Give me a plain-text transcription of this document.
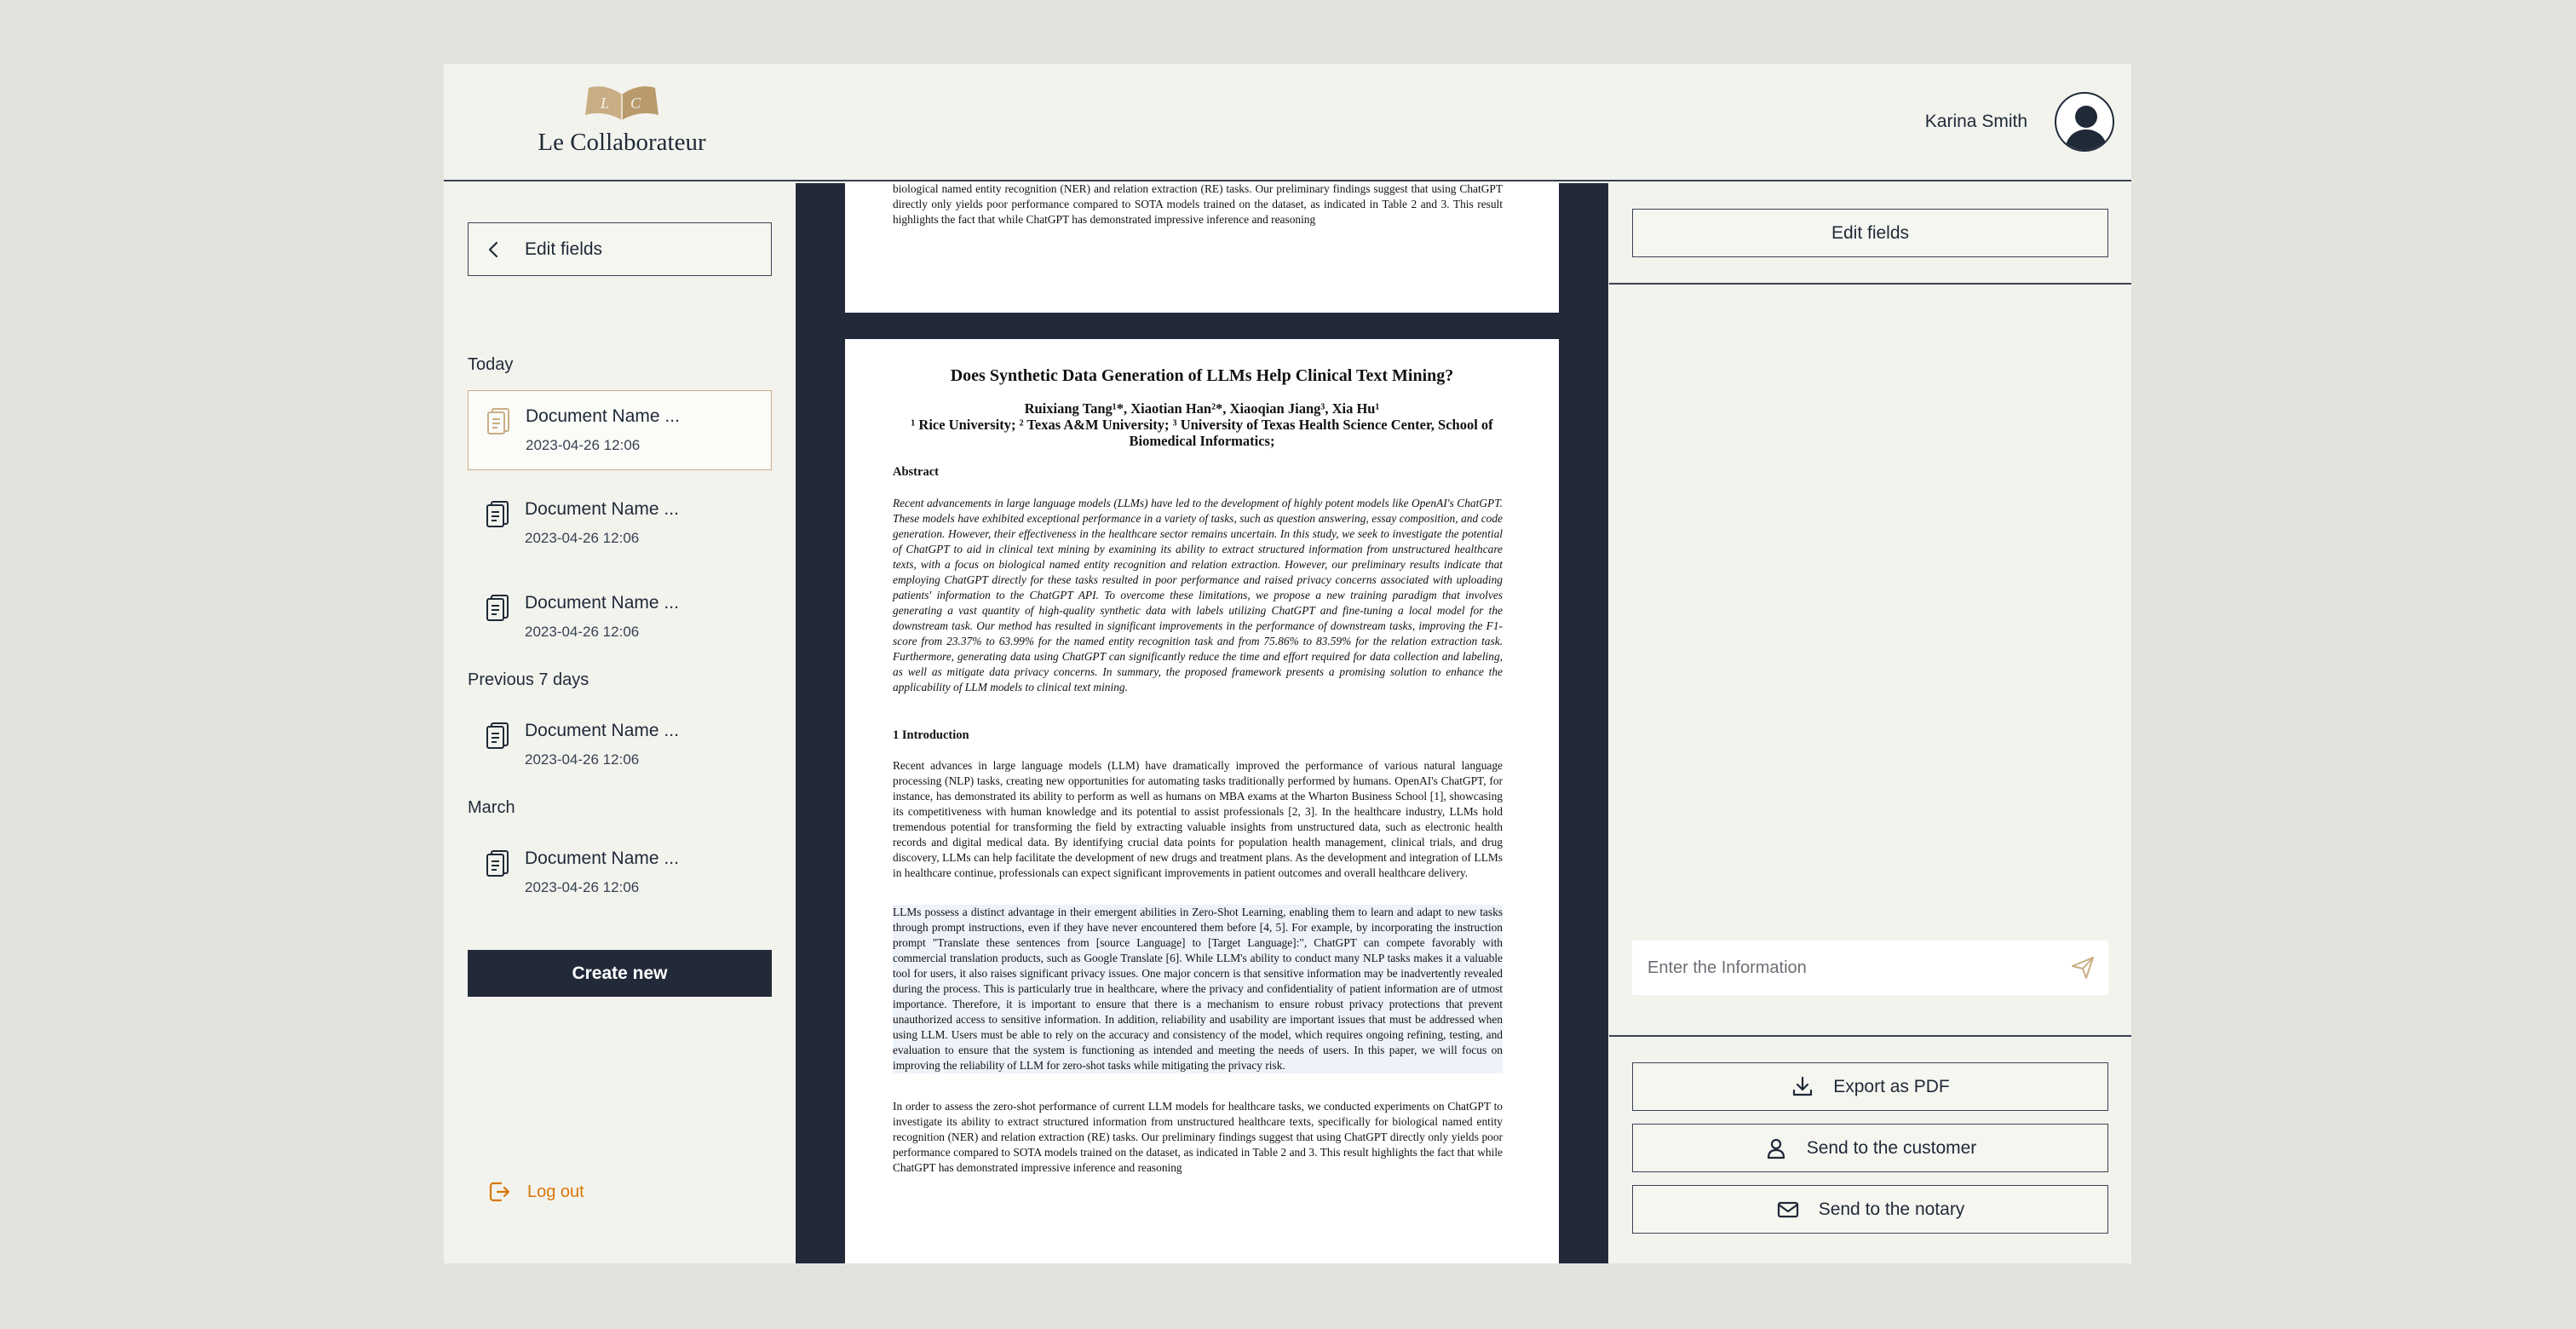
L C
Le Collaborateur
Karina Smith
Edit fields
Today
Document Name ...
2023-04-26 12:06
Document Name ...
2023-04-26 12:06
Document Name ...
2023-04-26 12:06
Previous 7 days
Document Name ...
2023-04-26 12:06
March
Document Name ...
2023-04-26 12:06
Create new
Log out
biological named entity recognition (NER) and relation extraction (RE) tasks. Our preliminary findings suggest that using ChatGPT directly only yields poor performance compared to SOTA models trained on the dataset, as indicated in Table 2 and 3. This result highlights the fact that while ChatGPT has demonstrated impressive inference and reasoning
Does Synthetic Data Generation of LLMs Help Clinical Text Mining?
Ruixiang Tang¹*, Xiaotian Han²*, Xiaoqian Jiang³, Xia Hu¹
¹ Rice University; ² Texas A&M University; ³ University of Texas Health Science Center, School of Biomedical Informatics;
Abstract
Recent advancements in large language models (LLMs) have led to the development of highly potent models like OpenAI's ChatGPT. These models have exhibited exceptional performance in a variety of tasks, such as question answering, essay composition, and code generation. However, their effectiveness in the healthcare sector remains uncertain. In this study, we seek to investigate the potential of ChatGPT to aid in clinical text mining by examining its ability to extract structured information from unstructured healthcare texts, with a focus on biological named entity recognition and relation extraction. However, our preliminary results indicate that employing ChatGPT directly for these tasks resulted in poor performance and raised privacy concerns associated with uploading patients' information to the ChatGPT API. To overcome these limitations, we propose a new training paradigm that involves generating a vast quantity of high-quality synthetic data with labels utilizing ChatGPT and fine-tuning a local model for the downstream task. Our method has resulted in significant improvements in the performance of downstream tasks, improving the F1-score from 23.37% to 63.99% for the named entity recognition task and from 75.86% to 83.59% for the relation extraction task. Furthermore, generating data using ChatGPT can significantly reduce the time and effort required for data collection and labeling, as well as mitigate data privacy concerns. In summary, the proposed framework presents a promising solution to enhance the applicability of LLM models to clinical text mining.
1 Introduction
Recent advances in large language models (LLM) have dramatically improved the performance of various natural language processing (NLP) tasks, creating new opportunities for automating tasks traditionally performed by humans. OpenAI's ChatGPT, for instance, has demonstrated its ability to perform as well as humans on MBA exams at the Wharton Business School [1], showcasing its competitiveness with human knowledge and its potential to assist professionals [2, 3]. In the healthcare industry, LLMs hold tremendous potential for transforming the field by extracting valuable insights from unstructured data, such as electronic health records and digital medical data. By identifying crucial data points for population health management, clinical trials, and drug discovery, LLMs can help facilitate the development of new drugs and treatment plans. As the development and integration of LLMs in healthcare continue, professionals can expect significant improvements in patient outcomes and overall healthcare delivery.
LLMs possess a distinct advantage in their emergent abilities in Zero-Shot Learning, enabling them to learn and adapt to new tasks through prompt instructions, even if they have never encountered them before [4, 5]. For example, by incorporating the instruction prompt "Translate these sentences from [source Language] to [Target Language]:", ChatGPT can compete favorably with commercial translation products, such as Google Translate [6]. While LLM's ability to conduct many NLP tasks makes it a valuable tool for users, it also raises significant privacy issues. One major concern is that sensitive information may be inadvertently revealed during the process. This is particularly true in healthcare, where the privacy and confidentiality of patient information are of utmost importance. Therefore, it is important to ensure that there is a mechanism to ensure robust privacy protections that prevent unauthorized access to sensitive information. In addition, reliability and usability are important issues that must be addressed when using LLM. Users must be able to rely on the accuracy and consistency of the model, which requires ongoing refining, testing, and evaluation to ensure that the system is functioning as intended and meeting the needs of users. In this paper, we will focus on improving the reliability of LLM for zero-shot tasks while mitigating the privacy risk.
In order to assess the zero-shot performance of current LLM models for healthcare tasks, we conducted experiments on ChatGPT to investigate its ability to extract structured information from unstructured healthcare texts, specifically for biological named entity recognition (NER) and relation extraction (RE) tasks. Our preliminary findings suggest that using ChatGPT directly only yields poor performance compared to SOTA models trained on the dataset, as indicated in Table 2 and 3. This result highlights the fact that while ChatGPT has demonstrated impressive inference and reasoning
Edit fields
Enter the Information
Export as PDF
Send to the customer
Send to the notary
